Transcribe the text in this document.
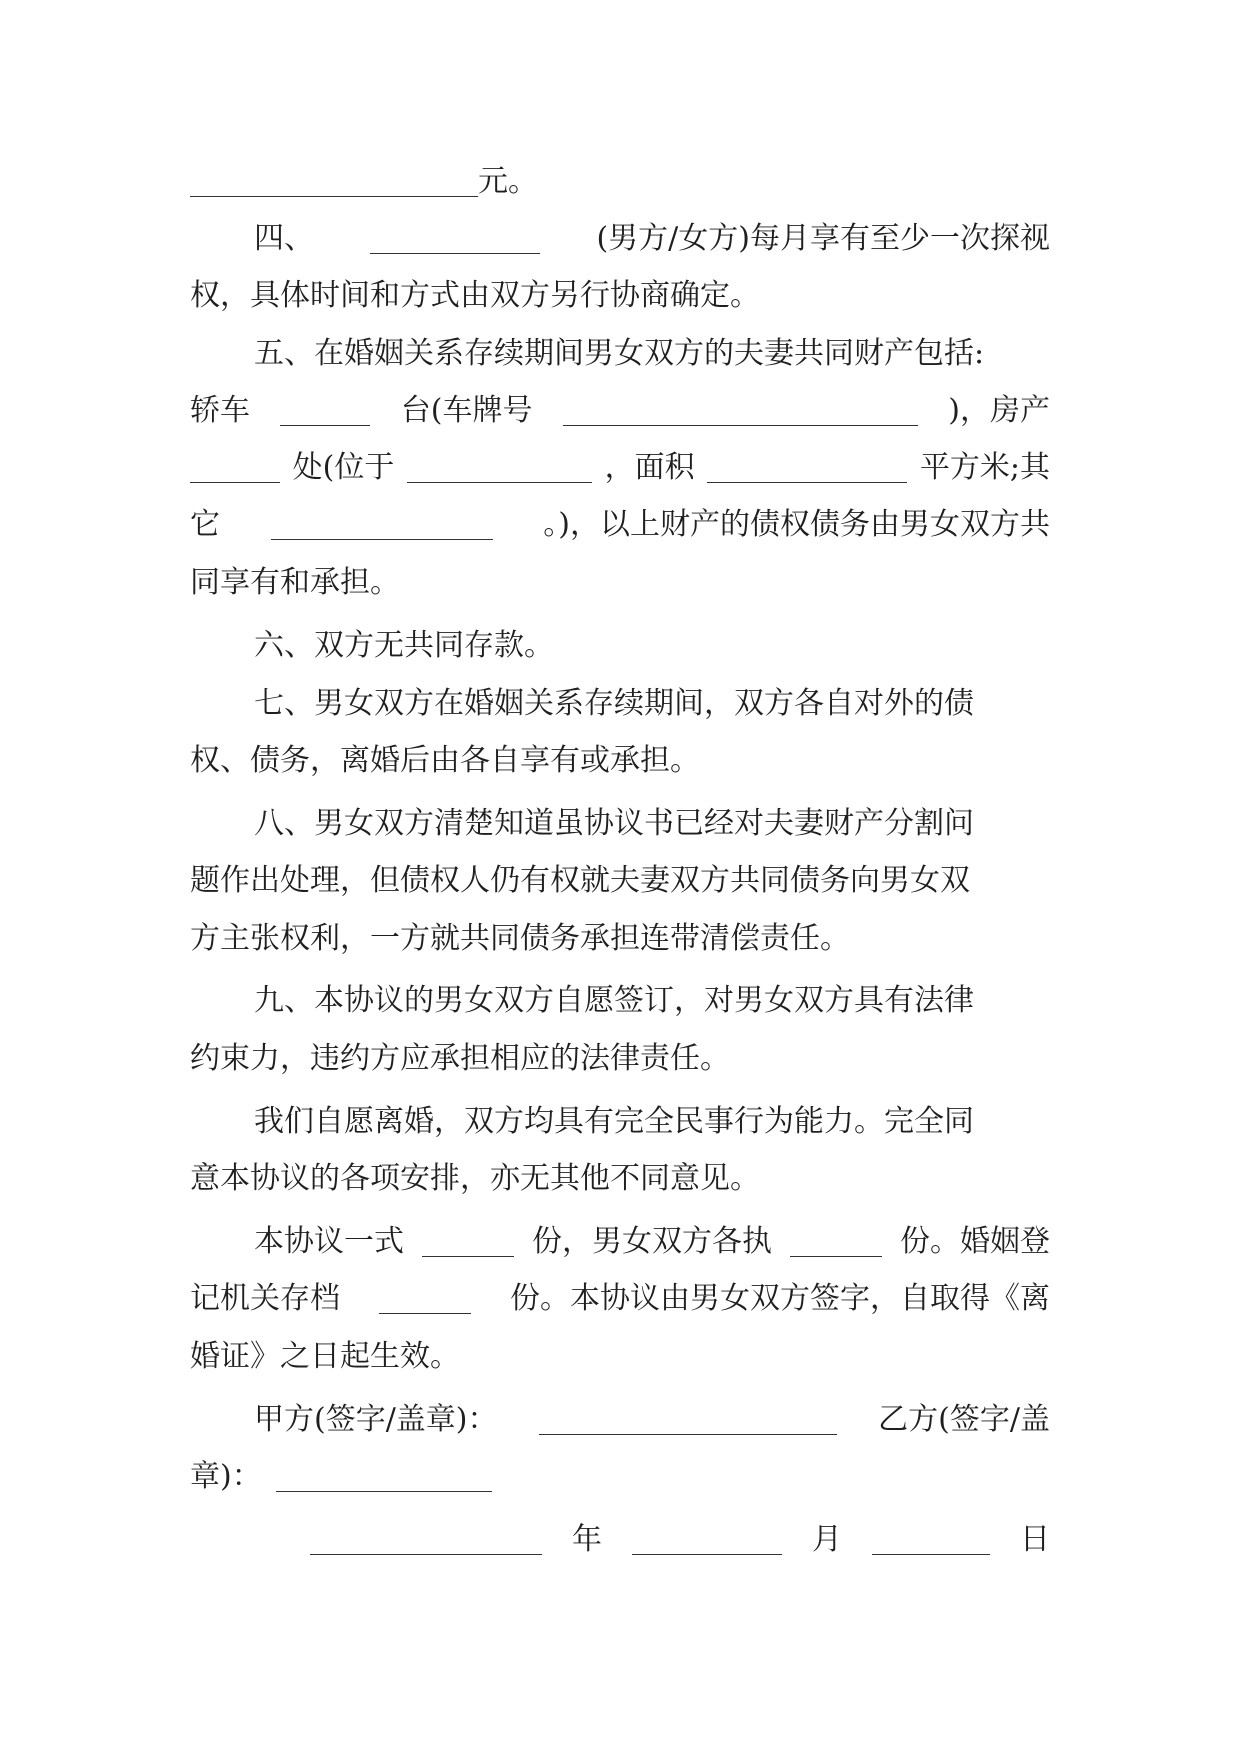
元。
四、	(男方/女方)每月享有至少一次探视
权，具体时间和方式由双方另行协商确定。
五、在婚姻关系存续期间男女双方的夫妻共同财产包括:
轿车	台(车牌号	)，房产
处(位于	，面积	平方米;其
它	。)，以上财产的债权债务由男女双方共
同享有和承担。
六、双方无共同存款。
七、男女双方在婚姻关系存续期间，双方各自对外的债
权、债务，离婚后由各自享有或承担。
八、男女双方清楚知道虽协议书已经对夫妻财产分割问
题作出处理，但债权人仍有权就夫妻双方共同债务向男女双
方主张权利，一方就共同债务承担连带清偿责任。
九、本协议的男女双方自愿签订，对男女双方具有法律
约束力，违约方应承担相应的法律责任。
我们自愿离婚，双方均具有完全民事行为能力。完全同
意本协议的各项安排，亦无其他不同意见。
本协议一式	份，男女双方各执	份。婚姻登
记机关存档	份。本协议由男女双方签字，自取得《离
婚证》之日起生效。
甲方(签字/盖章)：	乙方(签字/盖
章)：
年	月	日
